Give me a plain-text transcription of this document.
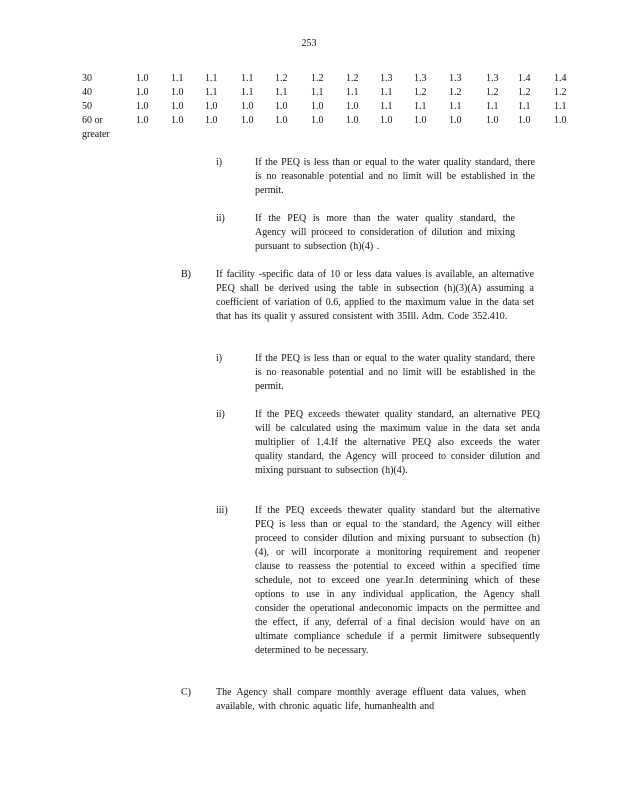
253
30	1.0	1.1	1.1	1.1	1.2	1.2	1.2	1.3	1.3	1.3	1.3	1.4	1.4
40	1.0	1.0	1.1	1.1	1.1	1.1	1.1	1.1	1.2	1.2	1.2	1.2	1.2
50	1.0	1.0	1.0	1.0	1.0	1.0	1.0	1.1	1.1	1.1	1.1	1.1	1.1
60 or	1.0	1.0	1.0	1.0	1.0	1.0	1.0	1.0	1.0	1.0	1.0	1.0	1.0
greater
i)	If the PEQ is less than or equal to the water quality standard, there is no reasonable potential and no limit will be established in the permit.
ii)	If the PEQ is more than the water quality standard, the Agency will proceed to consideration of dilution and mixing pursuant to subsection (h)(4) .
B)	If facility -specific data of 10 or less data values is available, an alternative PEQ shall be derived using the table in subsection (h)(3)(A) assuming a coefficient of variation of 0.6, applied to the maximum value in the data set that has its qualit y assured consistent with 35Ill. Adm. Code 352.410.
i)	If the PEQ is less than or equal to the water quality standard, there is no reasonable potential and no limit will be established in the permit.
ii)	If the PEQ exceeds thewater quality standard, an alternative PEQ will be calculated using the maximum value in the data set anda multiplier of 1.4.If the alternative PEQ also exceeds the water quality standard, the Agency will proceed to consider dilution and mixing pursuant to subsection (h)(4).
iii)	If the PEQ exceeds thewater quality standard but the alternative PEQ is less than or equal to the standard, the Agency will either proceed to consider dilution and mixing pursuant to subsection (h)(4), or will incorporate a monitoring requirement and reopener clause to reassess the potential to exceed within a specified time schedule, not to exceed one year.In determining which of these options to use in any individual application, the Agency shall consider the operational andeconomic impacts on the permittee and the effect, if any, deferral of a final decision would have on an ultimate compliance schedule if a permit limitwere subsequently determined to be necessary.
C)	The Agency shall compare monthly average effluent data values, when available, with chronic aquatic life, humanhealth and
